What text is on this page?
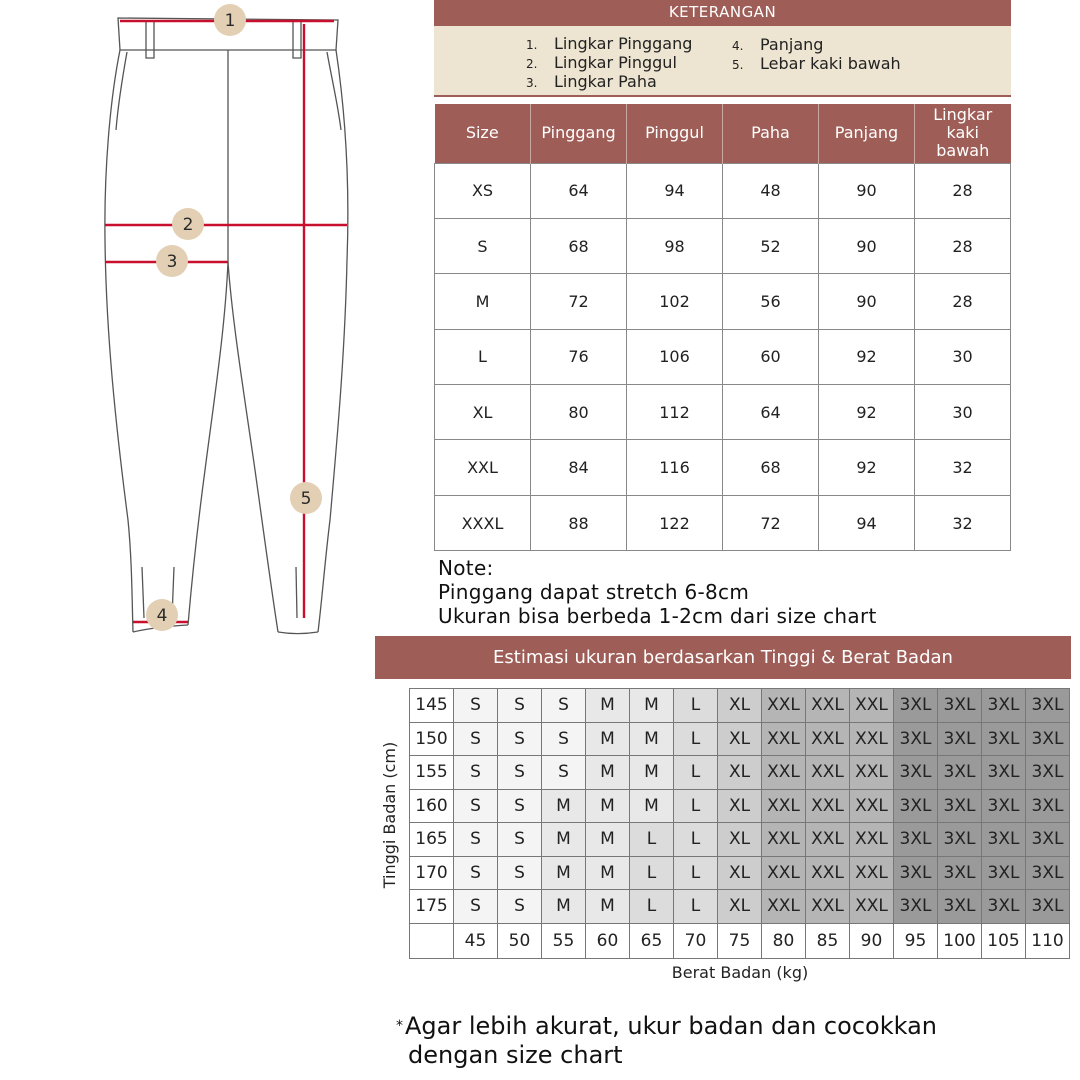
1
2
3
4
5
KETERANGAN
1. Lingkar Pinggang
2. Lingkar Pinggul
3. Lingkar Paha
4. Panjang
5. Lebar kaki bawah
Size	Pinggang	Pinggul	Paha	Panjang	Lingkar kaki bawah
XS	64	94	48	90	28
S	68	98	52	90	28
M	72	102	56	90	28
L	76	106	60	92	30
XL	80	112	64	92	30
XXL	84	116	68	92	32
XXXL	88	122	72	94	32
Note:
Pinggang dapat stretch 6-8cm
Ukuran bisa berbeda 1-2cm dari size chart
Estimasi ukuran berdasarkan Tinggi & Berat Badan
Tinggi Badan (cm)
145	S	S	S	M	M	L	XL	XXL	XXL	XXL	3XL	3XL	3XL	3XL
150	S	S	S	M	M	L	XL	XXL	XXL	XXL	3XL	3XL	3XL	3XL
155	S	S	S	M	M	L	XL	XXL	XXL	XXL	3XL	3XL	3XL	3XL
160	S	S	M	M	M	L	XL	XXL	XXL	XXL	3XL	3XL	3XL	3XL
165	S	S	M	M	L	L	XL	XXL	XXL	XXL	3XL	3XL	3XL	3XL
170	S	S	M	M	L	L	XL	XXL	XXL	XXL	3XL	3XL	3XL	3XL
175	S	S	M	M	L	L	XL	XXL	XXL	XXL	3XL	3XL	3XL	3XL
	45	50	55	60	65	70	75	80	85	90	95	100	105	110
Berat Badan (kg)
*Agar lebih akurat, ukur badan dan cocokkan
dengan size chart
